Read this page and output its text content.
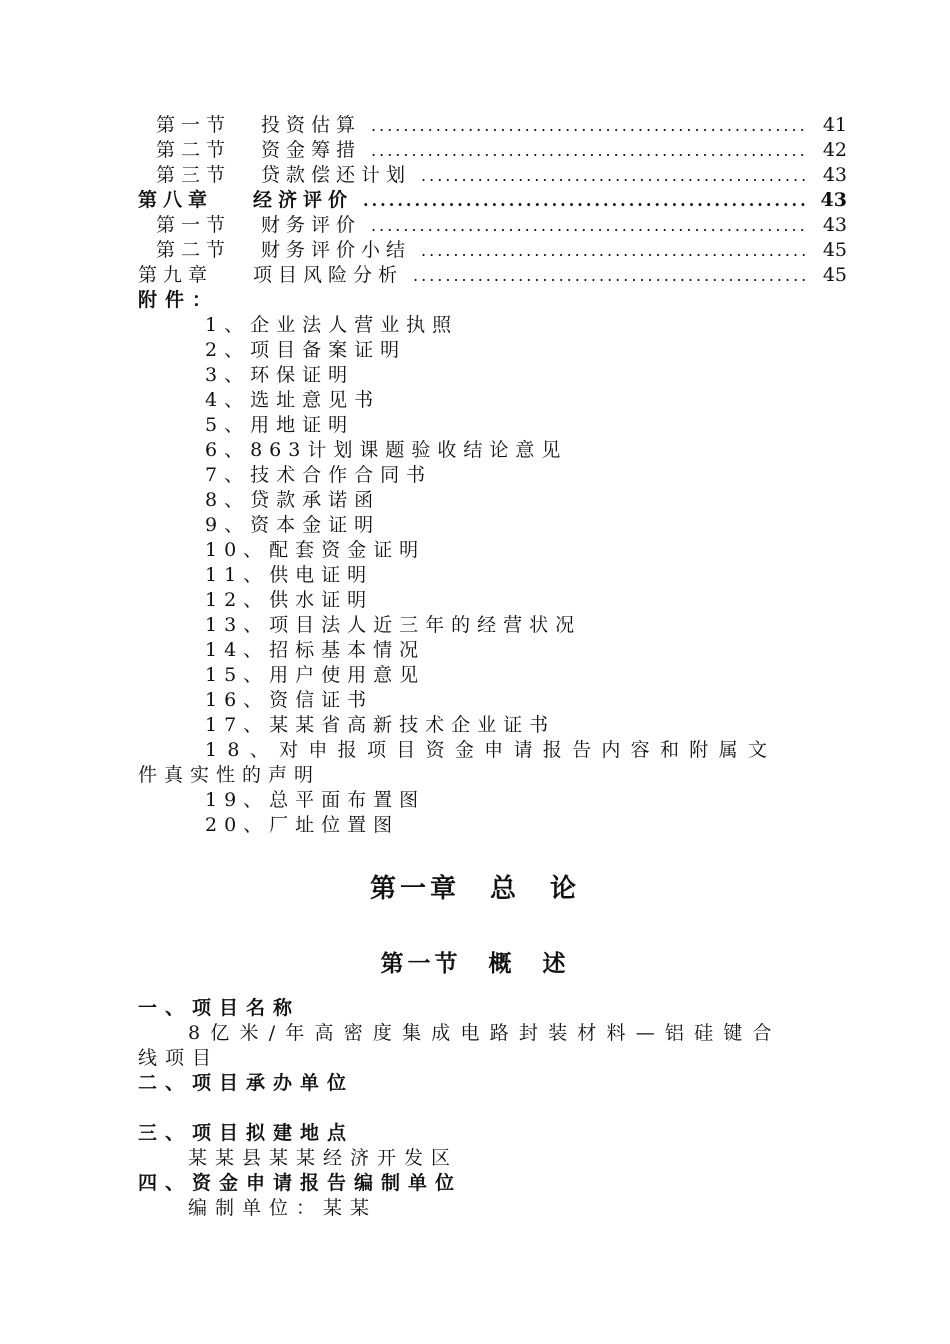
第一节 投资估算 .....	41
第二节 资金筹措 .....	42
第三节 贷款偿还计划 .....	43
第八章 经济评价 .....	43
第一节 财务评价 .....	43
第二节 财务评价小结 .....	45
第九章 项目风险分析 .....	45
附件：
1、企业法人营业执照
2、项目备案证明
3、环保证明
4、选址意见书
5、用地证明
6、863计划课题验收结论意见
7、技术合作合同书
8、贷款承诺函
9、资本金证明
10、配套资金证明
11、供电证明
12、供水证明
13、项目法人近三年的经营状况
14、招标基本情况
15、用户使用意见
16、资信证书
17、某某省高新技术企业证书
18、对申报项目资金申请报告内容和附属文
19、总平面布置图
20、厂址位置图
件真实性的声明
第一章　总　论
第一节　概　述
一、项目名称
8亿米/年高密度集成电路封装材料—铝硅键合
线项目
二、项目承办单位
三、项目拟建地点
某某县某某经济开发区
四、资金申请报告编制单位
编制单位：某某
